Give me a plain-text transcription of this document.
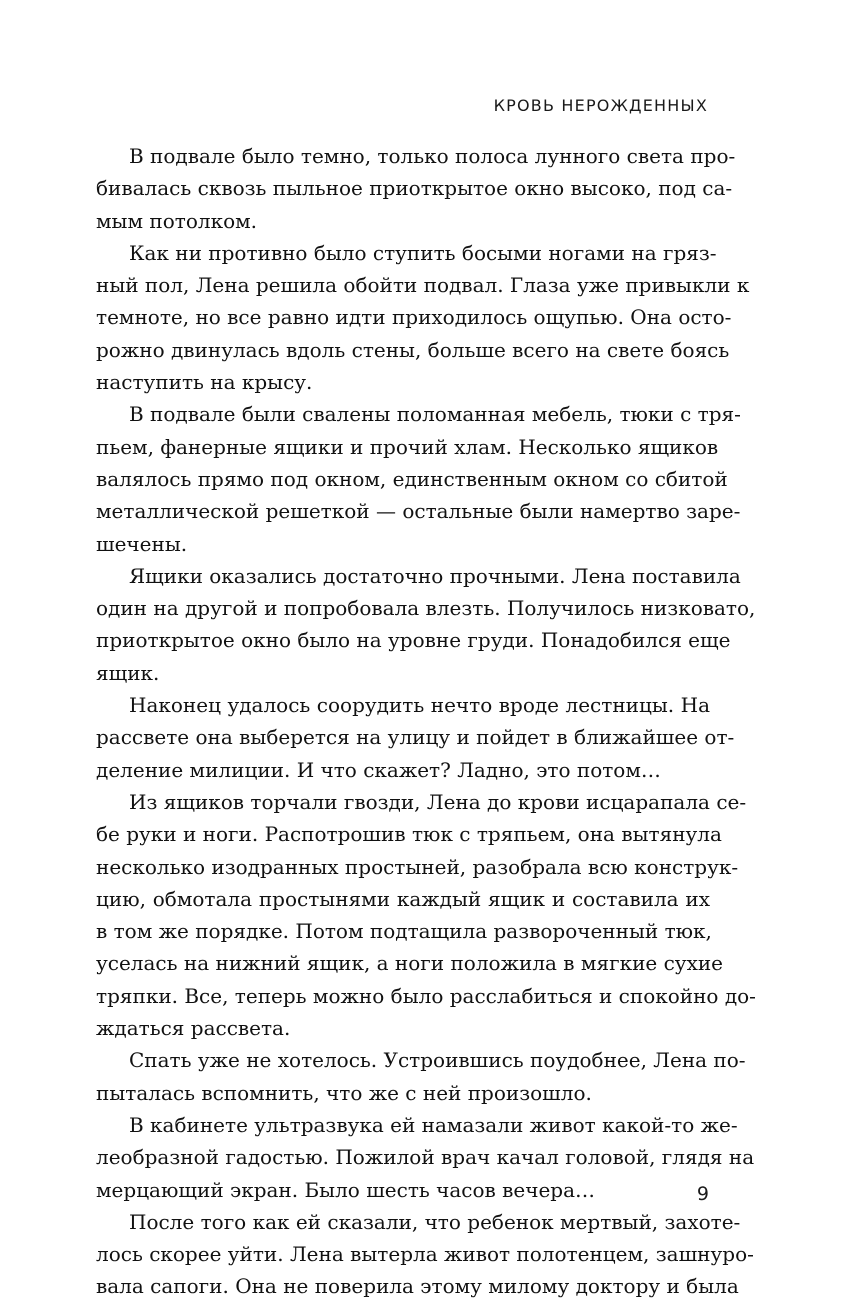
КРОВЬ НЕРОЖДЕННЫХ
В подвале было темно, только полоса лунного света про-
бивалась сквозь пыльное приоткрытое окно высоко, под са-
мым потолком.
Как ни противно было ступить босыми ногами на гряз-
ный пол, Лена решила обойти подвал. Глаза уже привыкли к
темноте, но все равно идти приходилось ощупью. Она осто-
рожно двинулась вдоль стены, больше всего на свете боясь
наступить на крысу.
В подвале были свалены поломанная мебель, тюки с тря-
пьем, фанерные ящики и прочий хлам. Несколько ящиков
валялось прямо под окном, единственным окном со сбитой
металлической решеткой — остальные были намертво заре-
шечены.
Ящики оказались достаточно прочными. Лена поставила
один на другой и попробовала влезть. Получилось низковато,
приоткрытое окно было на уровне груди. Понадобился еще
ящик.
Наконец удалось соорудить нечто вроде лестницы. На
рассвете она выберется на улицу и пойдет в ближайшее от-
деление милиции. И что скажет? Ладно, это потом…
Из ящиков торчали гвозди, Лена до крови исцарапала се-
бе руки и ноги. Распотрошив тюк с тряпьем, она вытянула
несколько изодранных простыней, разобрала всю конструк-
цию, обмотала простынями каждый ящик и составила их
в том же порядке. Потом подтащила развороченный тюк,
уселась на нижний ящик, а ноги положила в мягкие сухие
тряпки. Все, теперь можно было расслабиться и спокойно до-
ждаться рассвета.
Спать уже не хотелось. Устроившись поудобнее, Лена по-
пыталась вспомнить, что же с ней произошло.
В кабинете ультразвука ей намазали живот какой-то же-
леобразной гадостью. Пожилой врач качал головой, глядя на
мерцающий экран. Было шесть часов вечера…
После того как ей сказали, что ребенок мертвый, захоте-
лось скорее уйти. Лена вытерла живот полотенцем, зашнуро-
вала сапоги. Она не поверила этому милому доктору и была
9
